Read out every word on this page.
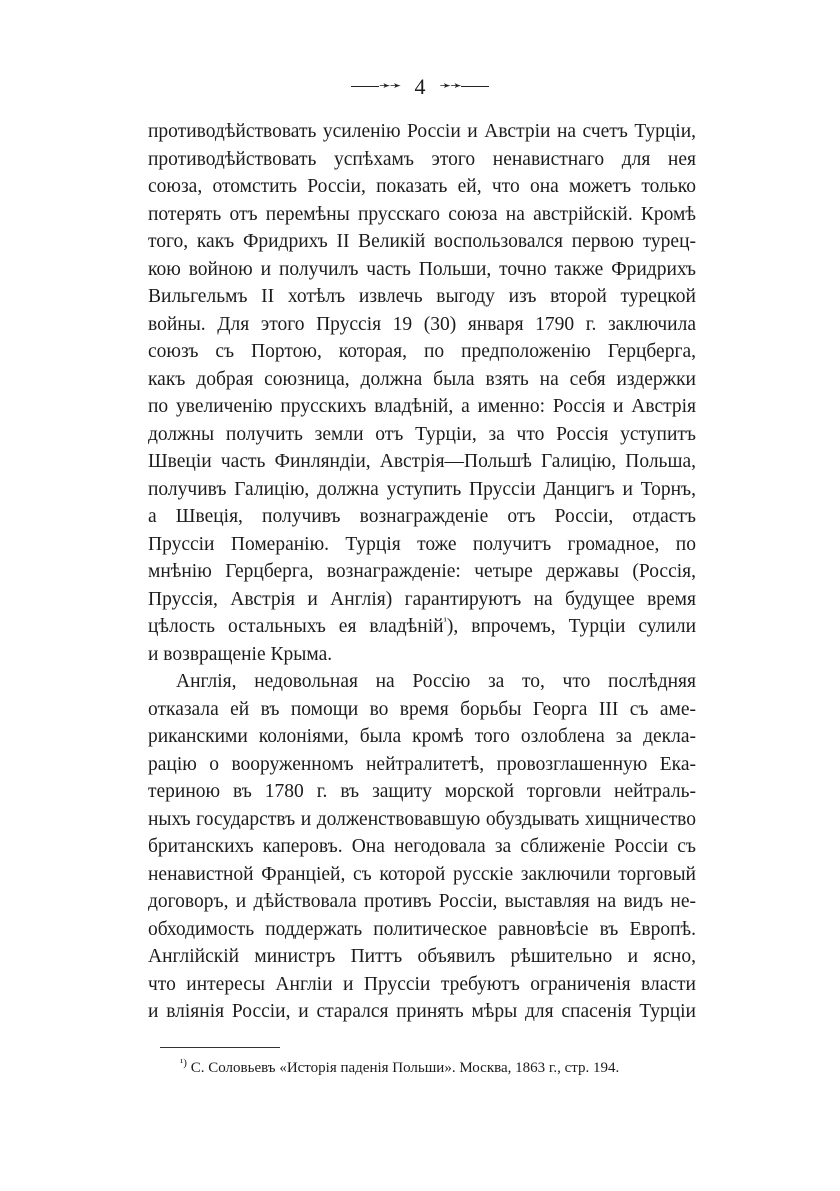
➛➛ 4 ➛➛
противодѣйствовать усиленію Россіи и Австріи на счетъ Турціи,
противодѣйствовать успѣхамъ этого ненавистнаго для нея
союза, отомстить Россіи, показать ей, что она можетъ только
потерять отъ перемѣны прусскаго союза на австрійскій. Кромѣ
того, какъ Фридрихъ II Великій воспользовался первою турец-
кою войною и получилъ часть Польши, точно также Фридрихъ
Вильгельмъ II хотѣлъ извлечь выгоду изъ второй турецкой
войны. Для этого Пруссія 19 (30) января 1790 г. заключила
союзъ съ Портою, которая, по предположенію Герцберга,
какъ добрая союзница, должна была взять на себя издержки
по увеличенію прусскихъ владѣній, а именно: Россія и Австрія
должны получить земли отъ Турціи, за что Россія уступитъ
Швеціи часть Финляндіи, Австрія—Польшѣ Галицію, Польша,
получивъ Галицію, должна уступить Пруссіи Данцигъ и Торнъ,
а Швеція, получивъ вознагражденіе отъ Россіи, отдастъ
Пруссіи Померанію. Турція тоже получитъ громадное, по
мнѣнію Герцберга, вознагражденіе: четыре державы (Россія,
Пруссія, Австрія и Англія) гарантируютъ на будущее время
цѣлость остальныхъ ея владѣній$^{^1}$), впрочемъ, Турціи сулили
и возвращеніе Крыма.
Англія, недовольная на Россію за то, что послѣдняя
отказала ей въ помощи во время борьбы Георга III съ аме-
риканскими колоніями, была кромѣ того озлоблена за декла-
рацію о вооруженномъ нейтралитетѣ, провозглашенную Ека-
териною въ 1780 г. въ защиту морской торговли нейтраль-
ныхъ государствъ и долженствовавшую обуздывать хищничество
британскихъ каперовъ. Она негодовала за сближеніе Россіи съ
ненавистной Франціей, съ которой русскіе заключили торговый
договоръ, и дѣйствовала противъ Россіи, выставляя на видъ не-
обходимость поддержать политическое равновѣсіе въ Европѣ.
Англійскій министръ Питтъ объявилъ рѣшительно и ясно,
что интересы Англіи и Пруссіи требуютъ ограниченія власти
и вліянія Россіи, и старался принять мѣры для спасенія Турціи
$^{^1)}$ С. Соловьевъ «Исторія паденія Польши». Москва, 1863 г., стр. 194.
